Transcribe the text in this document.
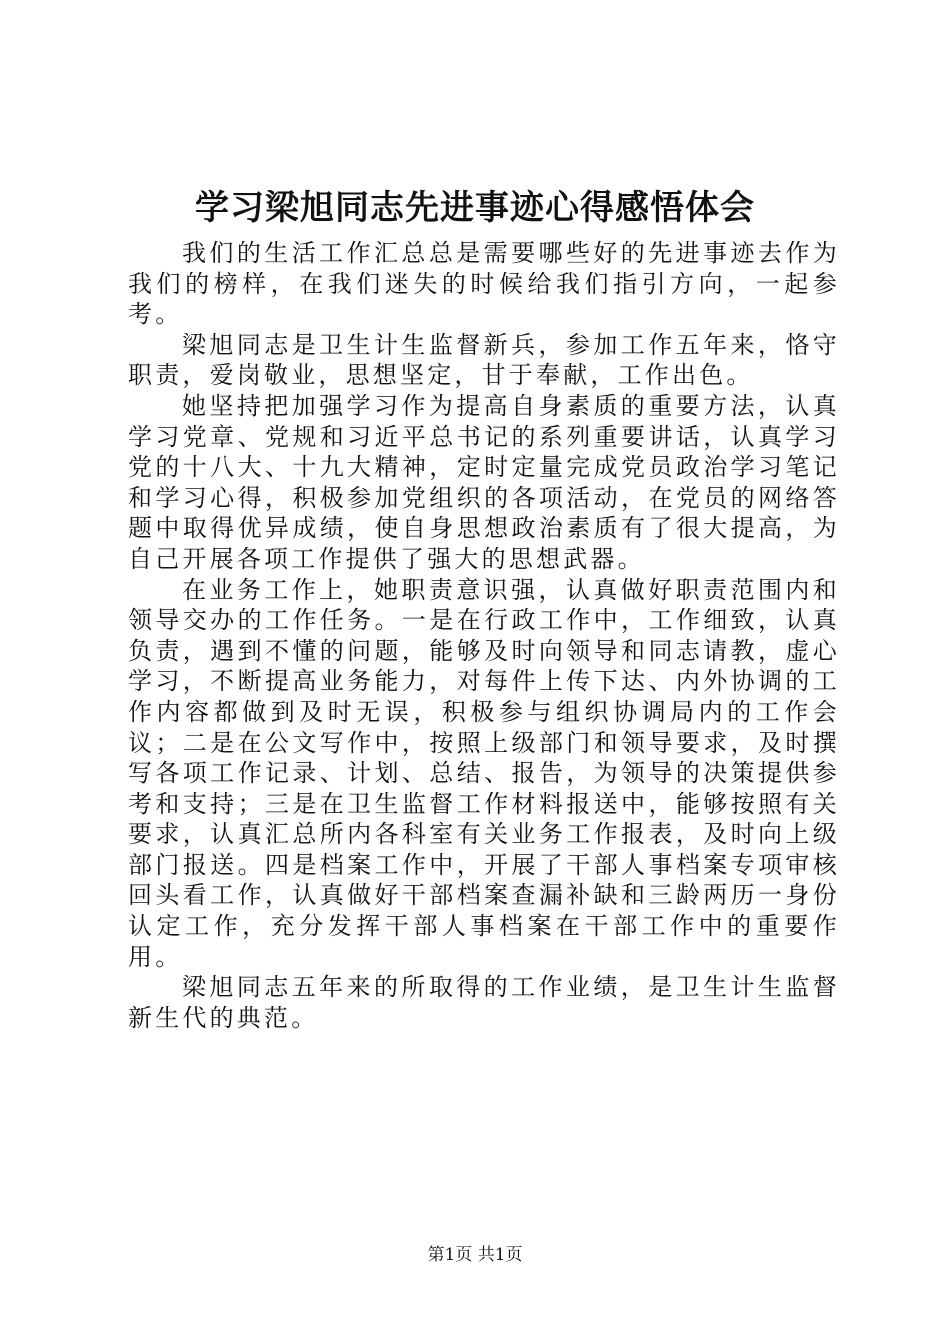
学习梁旭同志先进事迹心得感悟体会

我们的生活工作汇总总是需要哪些好的先进事迹去作为我们的榜样，在我们迷失的时候给我们指引方向，一起参考。

梁旭同志是卫生计生监督新兵，参加工作五年来，恪守职责，爱岗敬业，思想坚定，甘于奉献，工作出色。

她坚持把加强学习作为提高自身素质的重要方法，认真学习党章、党规和习近平总书记的系列重要讲话，认真学习党的十八大、十九大精神，定时定量完成党员政治学习笔记和学习心得，积极参加党组织的各项活动，在党员的网络答题中取得优异成绩，使自身思想政治素质有了很大提高，为自己开展各项工作提供了强大的思想武器。

在业务工作上，她职责意识强，认真做好职责范围内和领导交办的工作任务。一是在行政工作中，工作细致，认真负责，遇到不懂的问题，能够及时向领导和同志请教，虚心学习，不断提高业务能力，对每件上传下达、内外协调的工作内容都做到及时无误，积极参与组织协调局内的工作会议；二是在公文写作中，按照上级部门和领导要求，及时撰写各项工作记录、计划、总结、报告，为领导的决策提供参考和支持；三是在卫生监督工作材料报送中，能够按照有关要求，认真汇总所内各科室有关业务工作报表，及时向上级部门报送。四是档案工作中，开展了干部人事档案专项审核回头看工作，认真做好干部档案查漏补缺和三龄两历一身份认定工作，充分发挥干部人事档案在干部工作中的重要作用。

梁旭同志五年来的所取得的工作业绩，是卫生计生监督新生代的典范。

第1页 共1页
